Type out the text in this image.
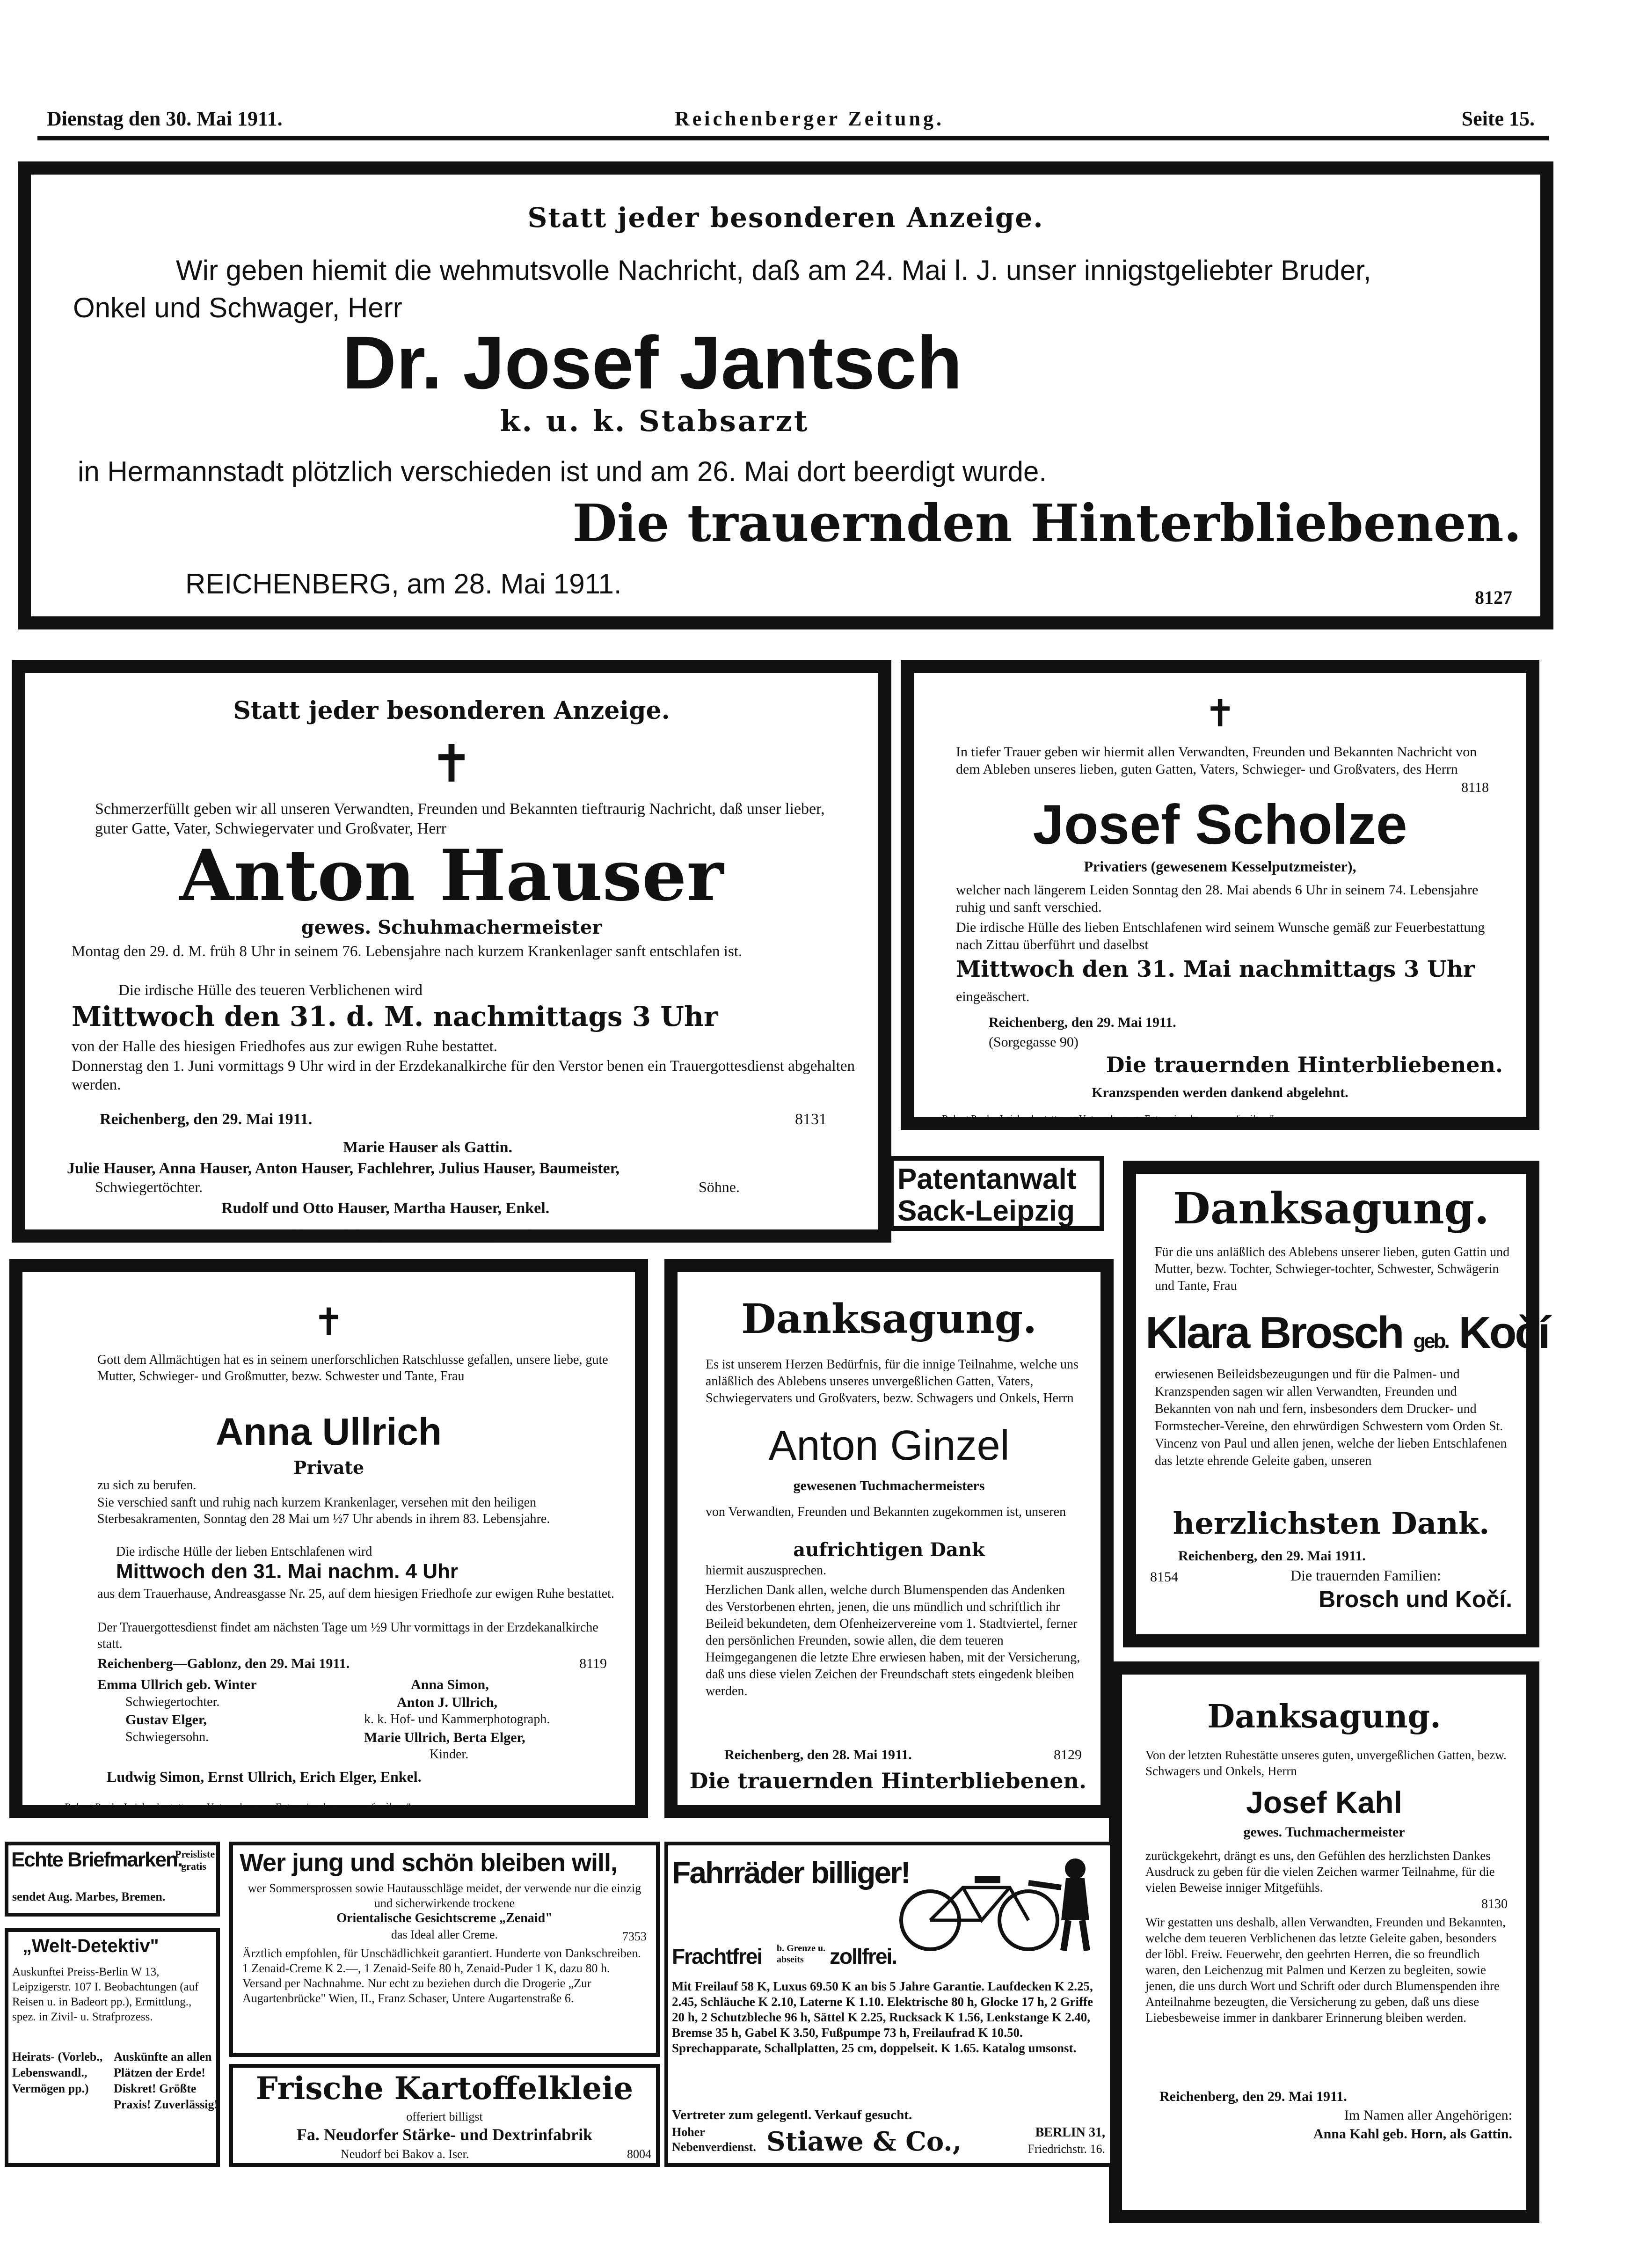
Dienstag den 30. Mai 1911.	Reichenberger Zeitung.	Seite 15.
Statt jeder besonderen Anzeige.
Wir geben hiemit die wehmutsvolle Nachricht, daß am 24. Mai l. J. unser innigstgeliebter Bruder,
Onkel und Schwager, Herr
Dr. Josef Jantsch
k. u. k. Stabsarzt
in Hermannstadt plötzlich verschieden ist und am 26. Mai dort beerdigt wurde.
Die trauernden Hinterbliebenen.
REICHENBERG, am 28. Mai 1911.	8127
Statt jeder besonderen Anzeige.
✝
Schmerzerfüllt geben wir all unseren Verwandten, Freunden und Bekannten tieftraurig Nachricht, daß unser lieber, guter Gatte, Vater, Schwiegervater und Großvater, Herr
Anton Hauser
gewes. Schuhmachermeister
Montag den 29. d. M. früh 8 Uhr in seinem 76. Lebensjahre nach kurzem Krankenlager sanft entschlafen ist.
Die irdische Hülle des teueren Verblichenen wird
Mittwoch den 31. d. M. nachmittags 3 Uhr
von der Halle des hiesigen Friedhofes aus zur ewigen Ruhe bestattet.
Donnerstag den 1. Juni vormittags 9 Uhr wird in der Erzdekanalkirche für den Verstor benen ein Trauergottesdienst abgehalten werden.
Reichenberg, den 29. Mai 1911.	8131
Marie Hauser als Gattin.
Julie Hauser, Anna Hauser, Anton Hauser, Fachlehrer, Julius Hauser, Baumeister,
Schwiegertöchter.	Söhne.
Rudolf und Otto Hauser, Martha Hauser, Enkel.
„Domovina". F. J. Seidels l. konz. Aufbahrungs- und Leichenbestattungs-Anstalt.
✝
In tiefer Trauer geben wir hiermit allen Verwandten, Freunden und Bekannten Nachricht von dem Ableben unseres lieben, guten Gatten, Vaters, Schwieger- und Großvaters, des Herrn
8118
Josef Scholze
Privatiers (gewesenem Kesselputzmeister),
welcher nach längerem Leiden Sonntag den 28. Mai abends 6 Uhr in seinem 74. Lebensjahre ruhig und sanft verschied.
Die irdische Hülle des lieben Entschlafenen wird seinem Wunsche gemäß zur Feuerbestattung nach Zittau überführt und daselbst
Mittwoch den 31. Mai nachmittags 3 Uhr
eingeäschert.
Reichenberg, den 29. Mai 1911.
(Sorgegasse 90)
Die trauernden Hinterbliebenen.
Kranzspenden werden dankend abgelehnt.
Robert Prades Leichenbestattungs-Unternehmung „Entreprise des pompes funèbres".
Patentanwalt
Sack-Leipzig	Danksagung.
Für die uns anläßlich des Ablebens unserer lieben, guten Gattin und Mutter, bezw. Tochter, Schwieger-tochter, Schwester, Schwägerin und Tante, Frau
Klara Brosch geb. Kočí
erwiesenen Beileidsbezeugungen und für die Palmen- und Kranzspenden sagen wir allen Verwandten, Freunden und Bekannten von nah und fern, insbesonders dem Drucker- und Formstecher-Vereine, den ehrwürdigen Schwestern vom Orden St. Vincenz von Paul und allen jenen, welche der lieben Entschlafenen das letzte ehrende Geleite gaben, unseren
herzlichsten Dank.
Reichenberg, den 29. Mai 1911.
8154	Die trauernden Familien:
Brosch und Kočí.
✝
Gott dem Allmächtigen hat es in seinem unerforschlichen Ratschlusse gefallen, unsere liebe, gute Mutter, Schwieger- und Großmutter, bezw. Schwester und Tante, Frau
Anna Ullrich
Private
zu sich zu berufen.
Sie verschied sanft und ruhig nach kurzem Krankenlager, versehen mit den heiligen Sterbesakramenten, Sonntag den 28 Mai um ½7 Uhr abends in ihrem 83. Lebensjahre.
Die irdische Hülle der lieben Entschlafenen wird
Mittwoch den 31. Mai nachm. 4 Uhr
aus dem Trauerhause, Andreasgasse Nr. 25, auf dem hiesigen Friedhofe zur ewigen Ruhe bestattet.
Der Trauergottesdienst findet am nächsten Tage um ½9 Uhr vormittags in der Erzdekanalkirche statt.
Reichenberg—Gablonz, den 29. Mai 1911.	8119
Emma Ullrich geb. Winter	Anna Simon,
Schwiegertochter.	Anton J. Ullrich,
Gustav Elger,	k. k. Hof- und Kammerphotograph.
Schwiegersohn.	Marie Ullrich, Berta Elger,
Kinder.
Ludwig Simon, Ernst Ullrich, Erich Elger, Enkel.
Robert Prade, Leichenbestattungs-Unternehmung „Entreprise des pompes funèbres".
Danksagung.
Es ist unserem Herzen Bedürfnis, für die innige Teilnahme, welche uns anläßlich des Ablebens unseres unvergeßlichen Gatten, Vaters, Schwiegervaters und Großvaters, bezw. Schwagers und Onkels, Herrn
Anton Ginzel
gewesenen Tuchmachermeisters
von Verwandten, Freunden und Bekannten zugekommen ist, unseren
aufrichtigen Dank
hiermit auszusprechen.
Herzlichen Dank allen, welche durch Blumenspenden das Andenken des Verstorbenen ehrten, jenen, die uns mündlich und schriftlich ihr Beileid bekundeten, dem Ofenheizervereine vom 1. Stadtviertel, ferner den persönlichen Freunden, sowie allen, die dem teueren Heimgegangenen die letzte Ehre erwiesen haben, mit der Versicherung, daß uns diese vielen Zeichen der Freundschaft stets eingedenk bleiben werden.
Reichenberg, den 28. Mai 1911.	8129
Die trauernden Hinterbliebenen.
Danksagung.
Von der letzten Ruhestätte unseres guten, unvergeßlichen Gatten, bezw. Schwagers und Onkels, Herrn
Josef Kahl
gewes. Tuchmachermeister
zurückgekehrt, drängt es uns, den Gefühlen des herzlichsten Dankes Ausdruck zu geben für die vielen Zeichen warmer Teilnahme, für die vielen Beweise inniger Mitgefühls.
8130
Wir gestatten uns deshalb, allen Verwandten, Freunden und Bekannten, welche dem teueren Verblichenen das letzte Geleite gaben, besonders der löbl. Freiw. Feuerwehr, den geehrten Herren, die so freundlich waren, den Leichenzug mit Palmen und Kerzen zu begleiten, sowie jenen, die uns durch Wort und Schrift oder durch Blumenspenden ihre Anteilnahme bezeugten, die Versicherung zu geben, daß uns diese Liebesbeweise immer in dankbarer Erinnerung bleiben werden.
Reichenberg, den 29. Mai 1911.
Im Namen aller Angehörigen:
Anna Kahl geb. Horn, als Gattin.
Echte Briefmarken.
Preisliste gratis
sendet Aug. Marbes, Bremen.
„Welt-Detektiv"
Auskunftei Preiss-Berlin W 13, Leipzigerstr. 107 I. Beobachtungen (auf Reisen u. in Badeort pp.), Ermittlung., spez. in Zivil- u. Strafprozess.
Heirats- (Vorleb., Lebenswandl., Vermögen pp.)
Auskünfte an allen Plätzen der Erde! Diskret! Größte Praxis! Zuverlässig!
Wer jung und schön bleiben will,
wer Sommersprossen sowie Hautausschläge meidet, der verwende nur die einzig und sicherwirkende trockene
Orientalische Gesichtscreme „Zenaid"
7353
das Ideal aller Creme.
Ärztlich empfohlen, für Unschädlichkeit garantiert. Hunderte von Dankschreiben. 1 Zenaid-Creme K 2.—, 1 Zenaid-Seife 80 h, Zenaid-Puder 1 K, dazu 80 h. Versand per Nachnahme. Nur echt zu beziehen durch die Drogerie „Zur Augartenbrücke" Wien, II., Franz Schaser, Untere Augartenstraße 6.
Frische Kartoffelkleie
offeriert billigst
Fa. Neudorfer Stärke- und Dextrinfabrik
Neudorf bei Bakov a. Iser.	8004
Fahrräder billiger!
Frachtfrei b. Grenze u. abseits	zollfrei.
Mit Freilauf 58 K, Luxus 69.50 K an bis 5 Jahre Garantie. Laufdecken K 2.25, 2.45, Schläuche K 2.10, Laterne K 1.10. Elektrische 80 h, Glocke 17 h, 2 Griffe 20 h, 2 Schutzbleche 96 h, Sättel K 2.25, Rucksack K 1.56, Lenkstange K 2.40, Bremse 35 h, Gabel K 3.50, Fußpumpe 73 h, Freilaufrad K 10.50. Sprechapparate, Schallplatten, 25 cm, doppelseit. K 1.65. Katalog umsonst.
Vertreter zum gelegentl. Verkauf gesucht.
Hoher Nebenverdienst. Stiawe & Co.,	BERLIN 31,
Friedrichstr. 16.
